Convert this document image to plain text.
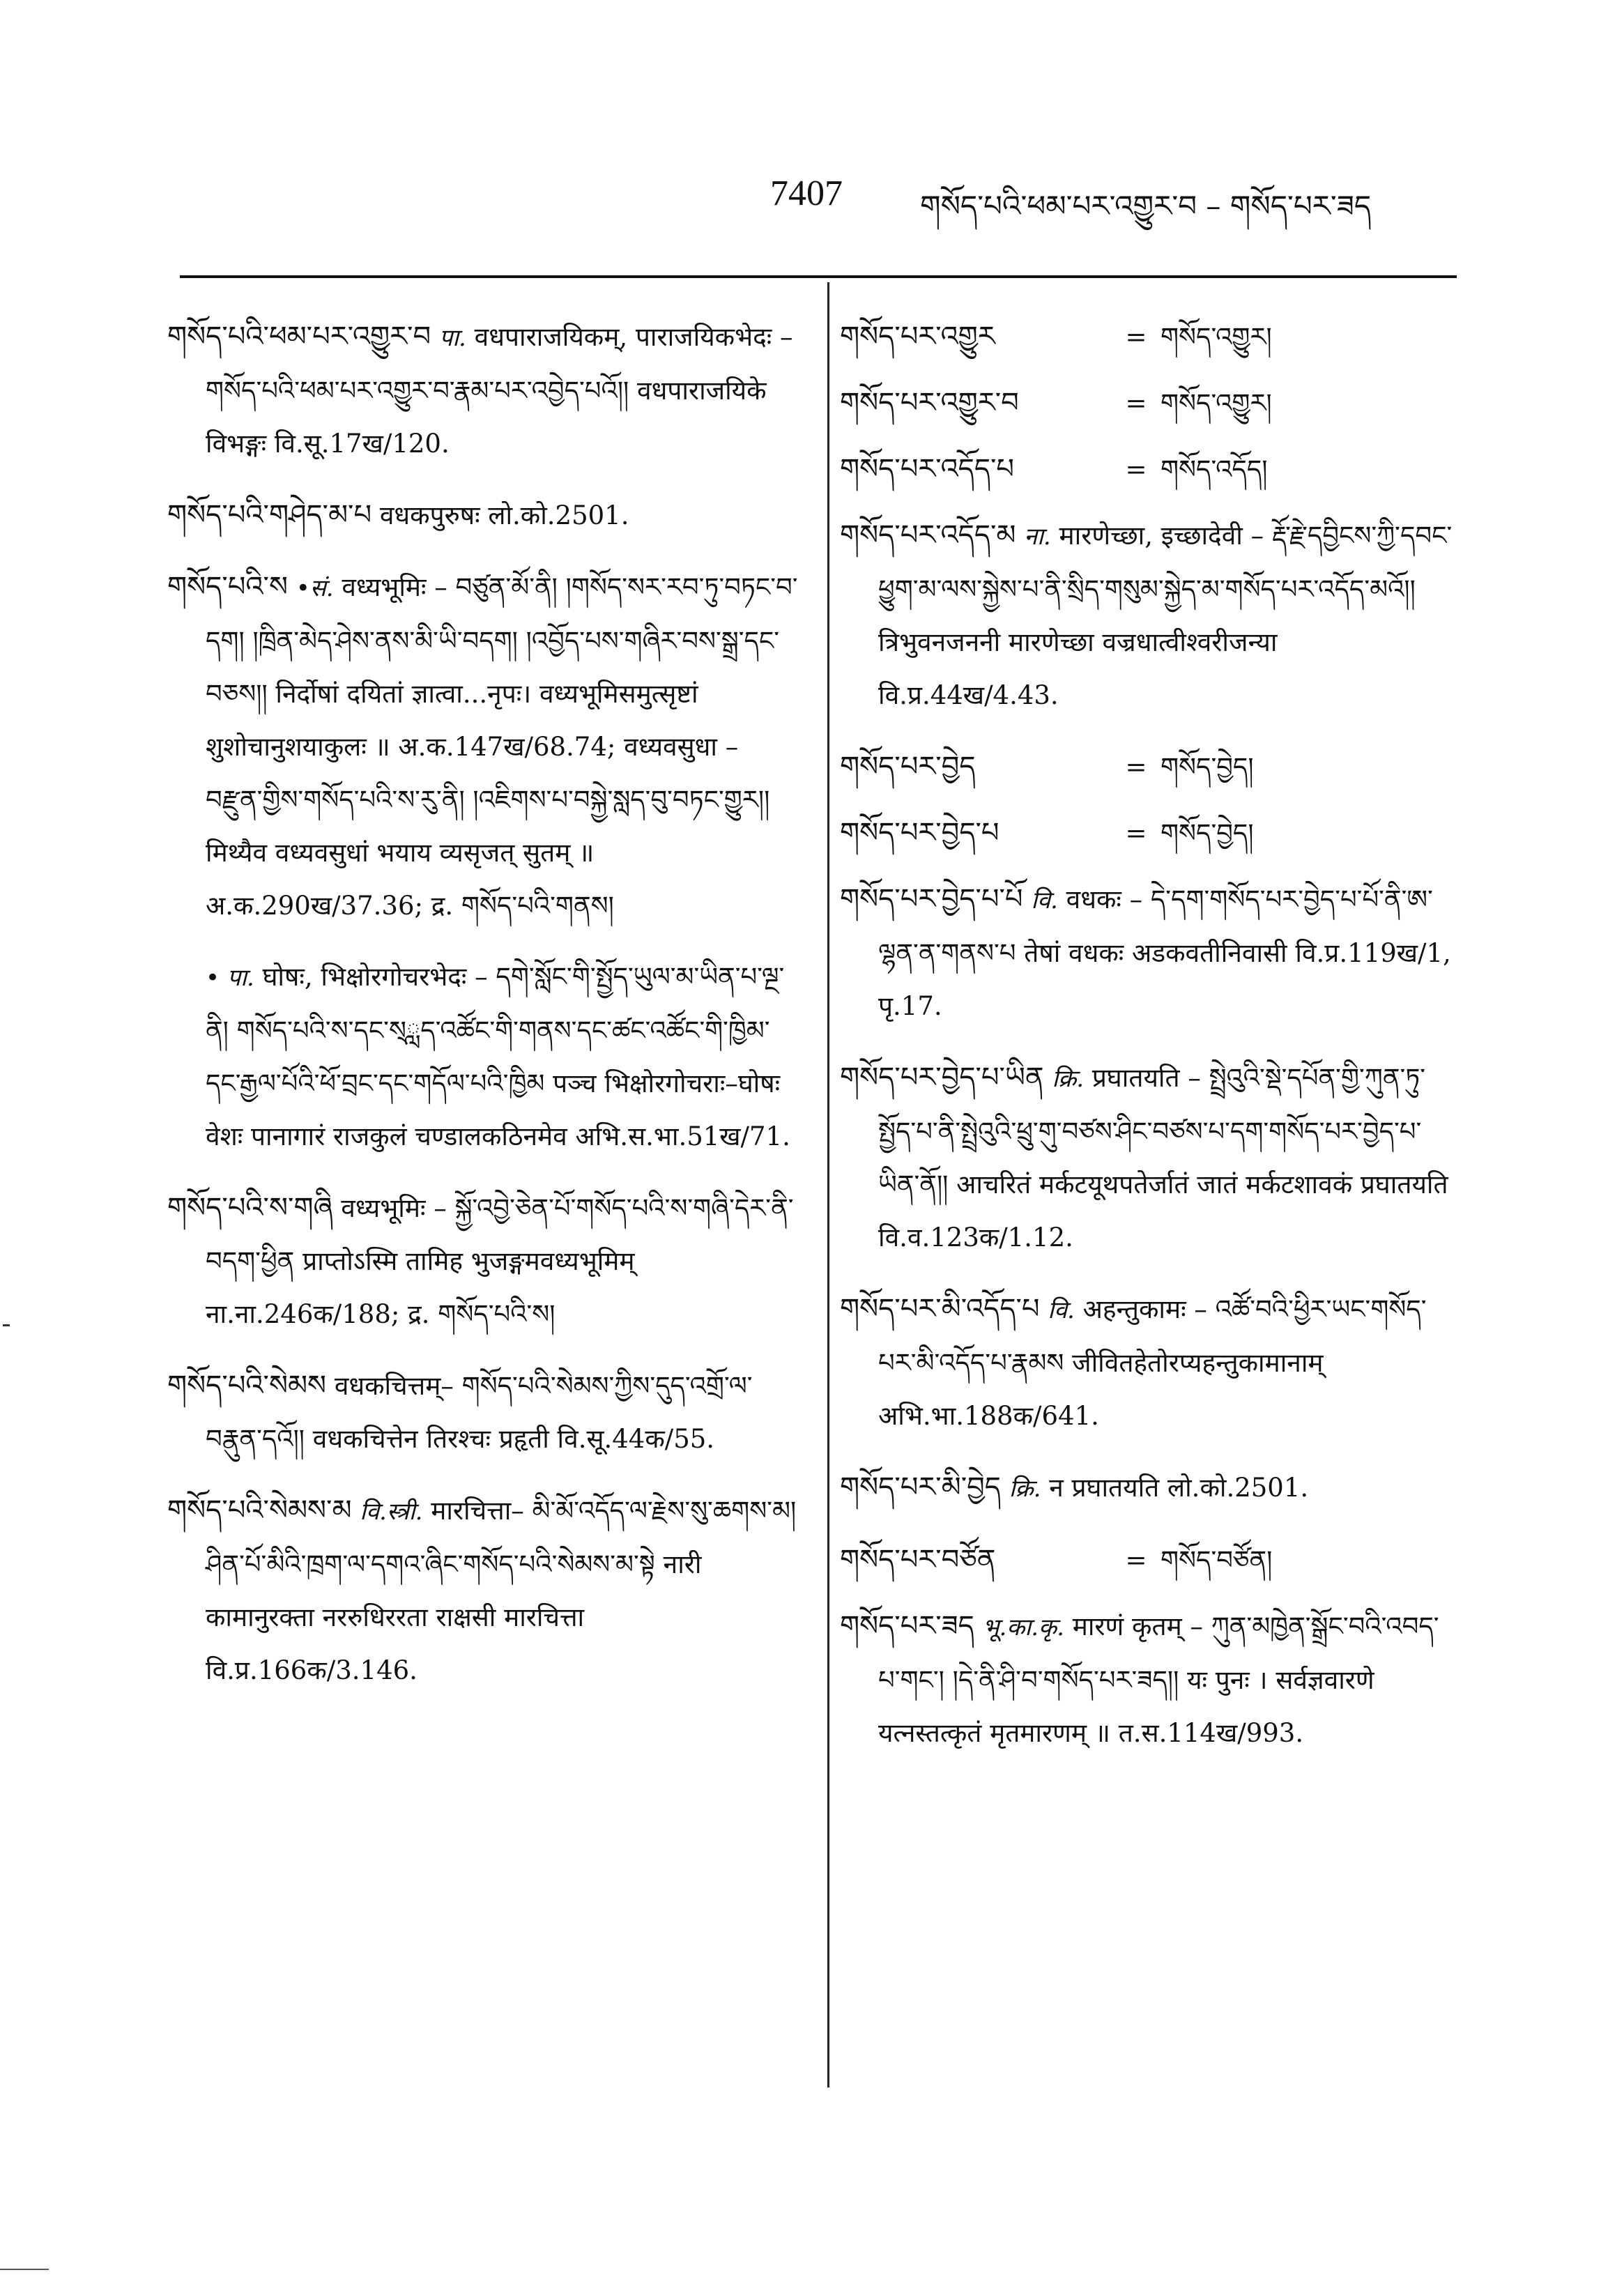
7407	གསོད་པའི་ཕམ་པར་འགྱུར་བ – གསོད་པར་ཟད
གསོད་པའི་ཕམ་པར་འགྱུར་བ पा. वधपाराजयिकम्, पाराजयिकभेदः – གསོད་པའི་ཕམ་པར་འགྱུར་བ་རྣམ་པར་འབྱེད་པའོ།། वधपाराजयिके विभङ्गः वि.सू.17ख/120.
གསོད་པའི་གཤེད་མ་པ वधकपुरुषः लो.को.2501.
གསོད་པའི་ས •सं. वध्यभूमिः – བཙུན་མོ་ནི། །གསོད་སར་རབ་ཏུ་བཏང་བ་དག། །ཁྲིན་མེད་ཤེས་ནས་མི་ཡི་བདག། །འབྱོད་པས་གཞིར་བས་སྒྲ་དང་བཅས།། निर्दोषां दयितां ज्ञात्वा...नृपः। वध्यभूमिसमुत्सृष्टां शुशोचानुशयाकुलः ॥ अ.क.147ख/68.74; वध्यवसुधा – བརྫུན་གྱིས་གསོད་པའི་ས་རུ་ནི། །འཇིགས་པ་བསྐྱེ་སླད་བུ་བཏང་གྱུར།། मिथ्यैव वध्यवसुधां भयाय व्यसृजत् सुतम् ॥ अ.क.290ख/37.36; द्र. གསོད་པའི་གནས།
• पा. घोषः, भिक्षोरगोचरभेदः – དགེ་སློང་གི་སྤྱོད་ཡུལ་མ་ཡིན་པ་ལྔ་ནི། གསོད་པའི་ས་དང་ས྄ླད་འཚོང་གི་གནས་དང་ཚང་འཚོང་གི་ཁྱིམ་དང་རྒྱལ་པོའི་ཕོ་བྲང་དང་གདོལ་པའི་ཁྱིམ पञ्च भिक्षोरगोचराः–घोषः वेशः पानागारं राजकुलं चण्डालकठिनमेव अभि.स.भा.51ख/71.
གསོད་པའི་ས་གཞི वध्यभूमिः – སྐྱོ་འབྱེ་ཅེན་པོ་གསོད་པའི་ས་གཞི་དེར་ནི་བདག་ཕྱིན प्राप्तोऽस्मि तामिह भुजङ्गमवध्यभूमिम् ना.ना.246क/188; द्र. གསོད་པའི་ས།
གསོད་པའི་སེམས वधकचित्तम्– གསོད་པའི་སེམས་ཀྱིས་དུད་འགྲོ་ལ་བརྣུན་དའོ།། वधकचित्तेन तिरश्चः प्रहृती वि.सू.44क/55.
གསོད་པའི་སེམས་མ वि.स्त्री. मारचित्ता– མི་མོ་འདོད་ལ་རྗེས་སུ་ཆགས་མ། ཤིན་པོ་མིའི་ཁྲག་ལ་དགའ་ཞིང་གསོད་པའི་སེམས་མ་སྟེ नारी कामानुरक्ता नररुधिररता राक्षसी मारचित्ता वि.प्र.166क/3.146.
གསོད་པར་འགྱུར	= གསོད་འགྱུར།
གསོད་པར་འགྱུར་བ	= གསོད་འགྱུར།
གསོད་པར་འདོད་པ	= གསོད་འདོད།
གསོད་པར་འདོད་མ ना. मारणेच्छा, इच्छादेवी – རྡོ་རྗེ་དབྱིངས་ཀྱི་དབང་ཕྱུག་མ་ལས་སྐྱེས་པ་ནི་སྲིད་གསུམ་སྐྱེད་མ་གསོད་པར་འདོད་མའོ།། त्रिभुवनजननी मारणेच्छा वज्रधात्वीश्वरीजन्या वि.प्र.44ख/4.43.
གསོད་པར་བྱེད	= གསོད་བྱེད།
གསོད་པར་བྱེད་པ	= གསོད་བྱེད།
གསོད་པར་བྱེད་པ་པོ वि. वधकः – དེ་དག་གསོད་པར་བྱེད་པ་པོ་ནི་ཨ་ལྷན་ན་གནས་པ तेषां वधकः अडकवतीनिवासी वि.प्र.119ख/1, पृ.17.
གསོད་པར་བྱེད་པ་ཡིན क्रि. प्रघातयति – སྤྲེའུའི་སྡེ་དཔོན་གྱི་ཀུན་ཏུ་སྤྱོད་པ་ནི་སྤྲེའུའི་ཕྲུ་གུ་བཙས་ཤིང་བཙས་པ་དག་གསོད་པར་བྱེད་པ་ཡིན་ནོ།། आचरितं मर्कटयूथपतेर्जातं जातं मर्कटशावकं प्रघातयति वि.व.123क/1.12.
གསོད་པར་མི་འདོད་པ वि. अहन्तुकामः – འཚོ་བའི་ཕྱིར་ཡང་གསོད་པར་མི་འདོད་པ་རྣམས जीवितहेतोरप्यहन्तुकामानाम् अभि.भा.188क/641.
གསོད་པར་མི་བྱེད क्रि. न प्रघातयति लो.को.2501.
གསོད་པར་བཙོན	= གསོད་བཙོན།
གསོད་པར་ཟད भू.का.कृ. मारणं कृतम् – ཀུན་མཁྱེན་སྒྲོང་བའི་འབད་པ་གང་། །དེ་ནི་ཤི་བ་གསོད་པར་ཟད།། यः पुनः । सर्वज्ञवारणे यत्नस्तत्कृतं मृतमारणम् ॥ त.स.114ख/993.
